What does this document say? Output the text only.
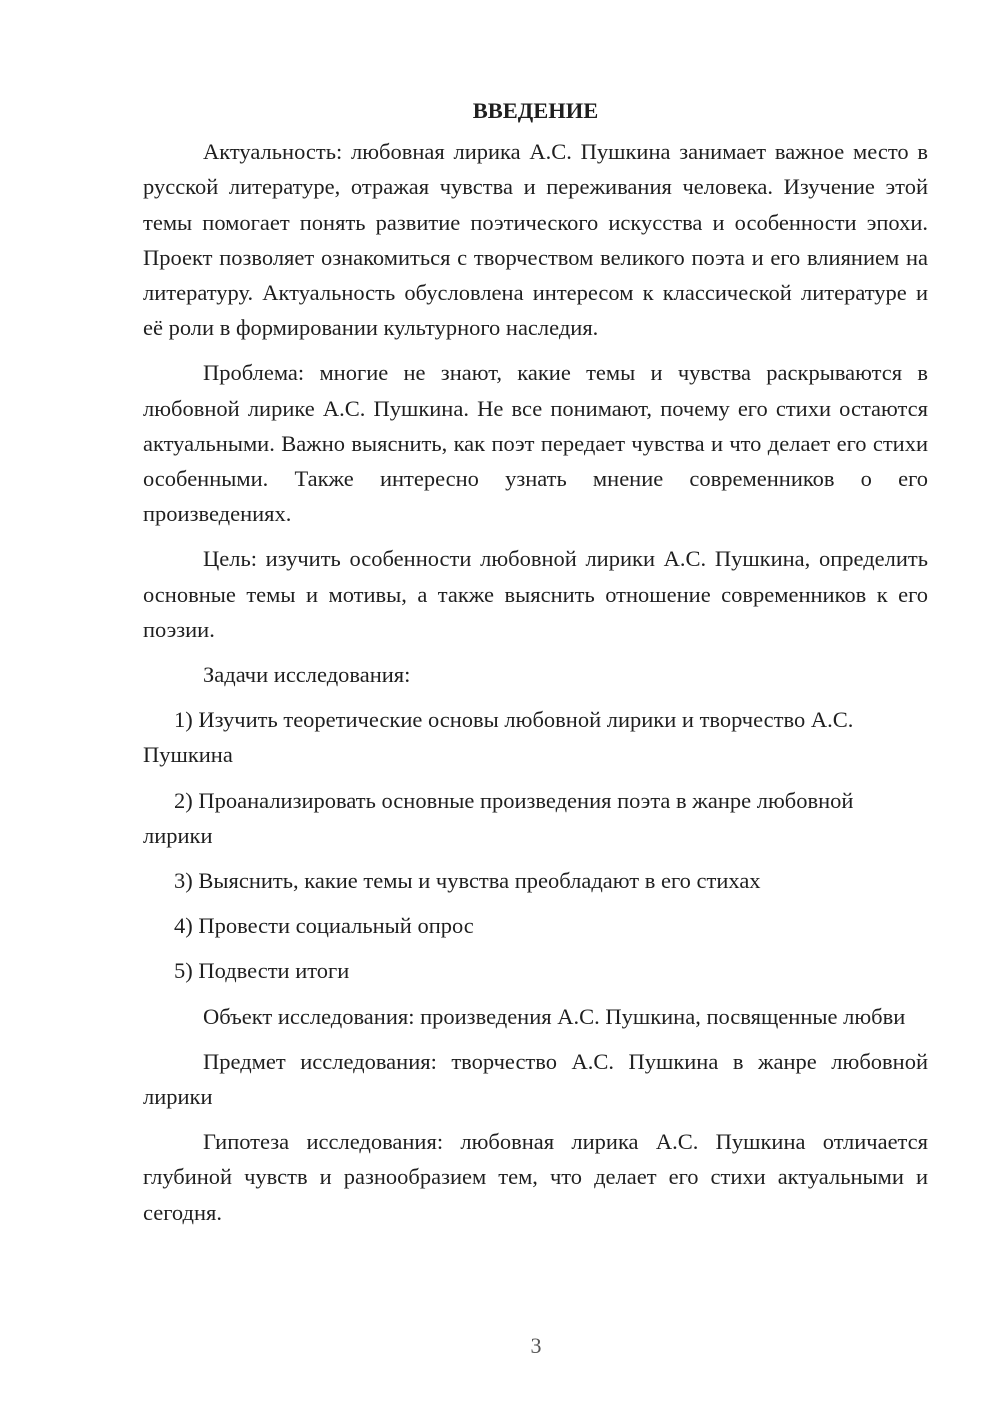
ВВЕДЕНИЕ

Актуальность: любовная лирика А.С. Пушкина занимает важное место в русской литературе, отражая чувства и переживания человека. Изучение этой темы помогает понять развитие поэтического искусства и особенности эпохи. Проект позволяет ознакомиться с творчеством великого поэта и его влиянием на литературу. Актуальность обусловлена интересом к классической литературе и её роли в формировании культурного наследия.

Проблема: многие не знают, какие темы и чувства раскрываются в любовной лирике А.С. Пушкина. Не все понимают, почему его стихи остаются актуальными. Важно выяснить, как поэт передает чувства и что делает его стихи особенными. Также интересно узнать мнение современников о его произведениях.

Цель: изучить особенности любовной лирики А.С. Пушкина, определить основные темы и мотивы, а также выяснить отношение современников к его поэзии.

Задачи исследования:

1) Изучить теоретические основы любовной лирики и творчество А.С. Пушкина

2) Проанализировать основные произведения поэта в жанре любовной лирики

3) Выяснить, какие темы и чувства преобладают в его стихах

4) Провести социальный опрос

5) Подвести итоги

Объект исследования: произведения А.С. Пушкина, посвященные любви

Предмет исследования: творчество А.С. Пушкина в жанре любовной лирики

Гипотеза исследования: любовная лирика А.С. Пушкина отличается глубиной чувств и разнообразием тем, что делает его стихи актуальными и сегодня.

3
